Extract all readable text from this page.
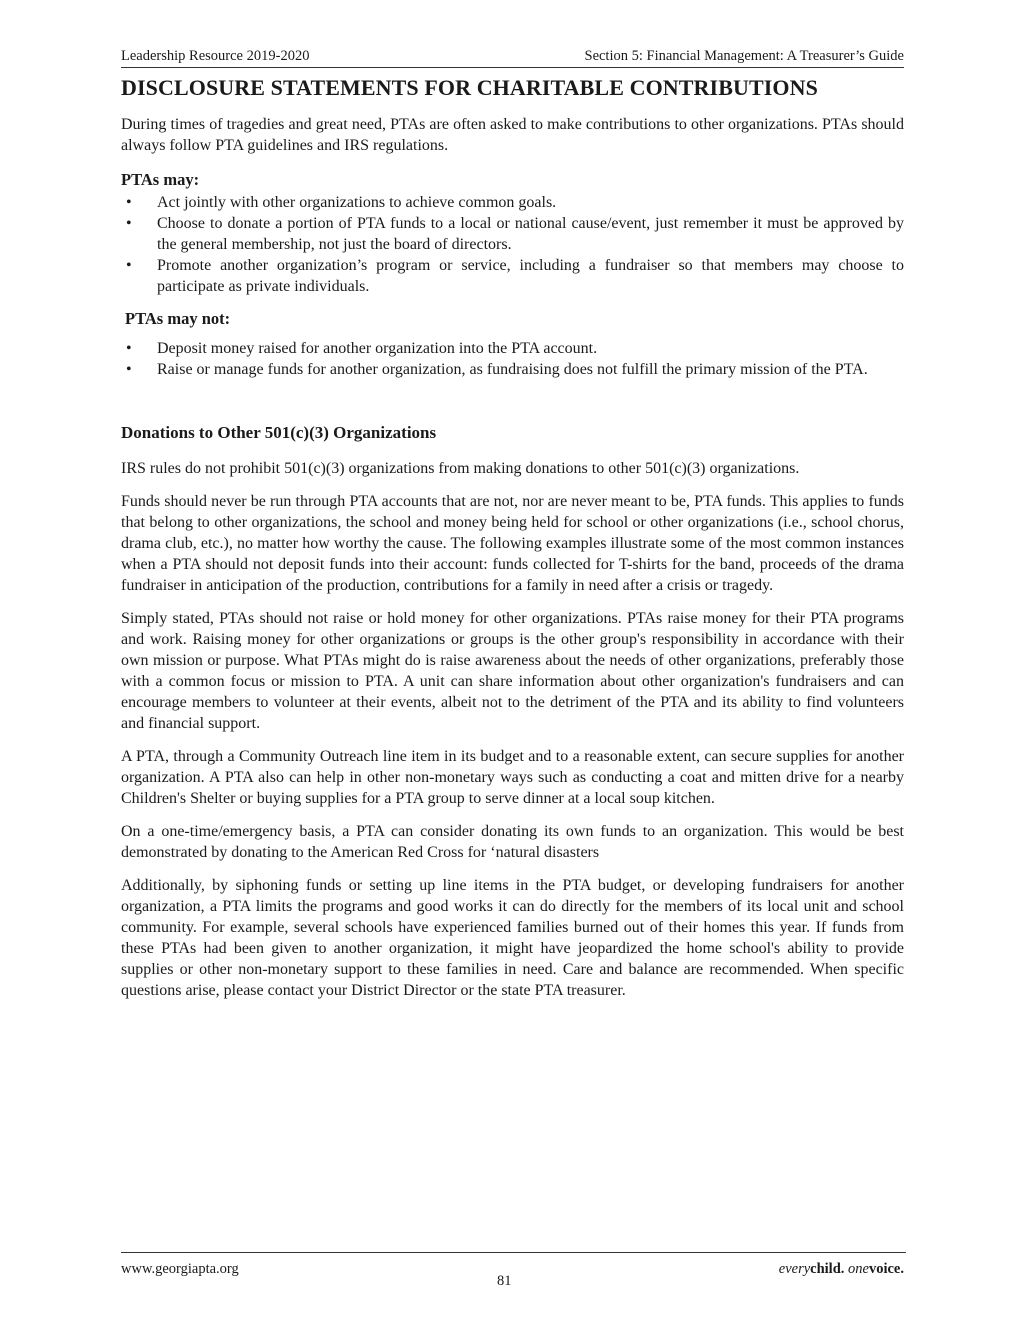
Leadership Resource 2019-2020	Section 5: Financial Management: A Treasurer’s Guide
DISCLOSURE STATEMENTS FOR CHARITABLE CONTRIBUTIONS

During times of tragedies and great need, PTAs are often asked to make contributions to other organizations. PTAs should always follow PTA guidelines and IRS regulations.

PTAs may:
• Act jointly with other organizations to achieve common goals.
• Choose to donate a portion of PTA funds to a local or national cause/event, just remember it must be approved by the general membership, not just the board of directors.
• Promote another organization’s program or service, including a fundraiser so that members may choose to participate as private individuals.
PTAs may not:
• Deposit money raised for another organization into the PTA account.
• Raise or manage funds for another organization, as fundraising does not fulfill the primary mission of the PTA.
Donations to Other 501(c)(3) Organizations

IRS rules do not prohibit 501(c)(3) organizations from making donations to other 501(c)(3) organizations.

Funds should never be run through PTA accounts that are not, nor are never meant to be, PTA funds. This applies to funds that belong to other organizations, the school and money being held for school or other organizations (i.e., school chorus, drama club, etc.), no matter how worthy the cause. The following examples illustrate some of the most common instances when a PTA should not deposit funds into their account: funds collected for T-shirts for the band, proceeds of the drama fundraiser in anticipation of the production, contributions for a family in need after a crisis or tragedy.

Simply stated, PTAs should not raise or hold money for other organizations. PTAs raise money for their PTA programs and work. Raising money for other organizations or groups is the other group's responsibility in accordance with their own mission or purpose. What PTAs might do is raise awareness about the needs of other organizations, preferably those with a common focus or mission to PTA. A unit can share information about other organization's fundraisers and can encourage members to volunteer at their events, albeit not to the detriment of the PTA and its ability to find volunteers and financial support.

A PTA, through a Community Outreach line item in its budget and to a reasonable extent, can secure supplies for another organization. A PTA also can help in other non-monetary ways such as conducting a coat and mitten drive for a nearby Children's Shelter or buying supplies for a PTA group to serve dinner at a local soup kitchen.

On a one-time/emergency basis, a PTA can consider donating its own funds to an organization. This would be best demonstrated by donating to the American Red Cross for ‘natural disasters

Additionally, by siphoning funds or setting up line items in the PTA budget, or developing fundraisers for another organization, a PTA limits the programs and good works it can do directly for the members of its local unit and school community. For example, several schools have experienced families burned out of their homes this year. If funds from these PTAs had been given to another organization, it might have jeopardized the home school's ability to provide supplies or other non-monetary support to these families in need. Care and balance are recommended. When specific questions arise, please contact your District Director or the state PTA treasurer.

www.georgiapta.org
81
everychild. onevoice.
